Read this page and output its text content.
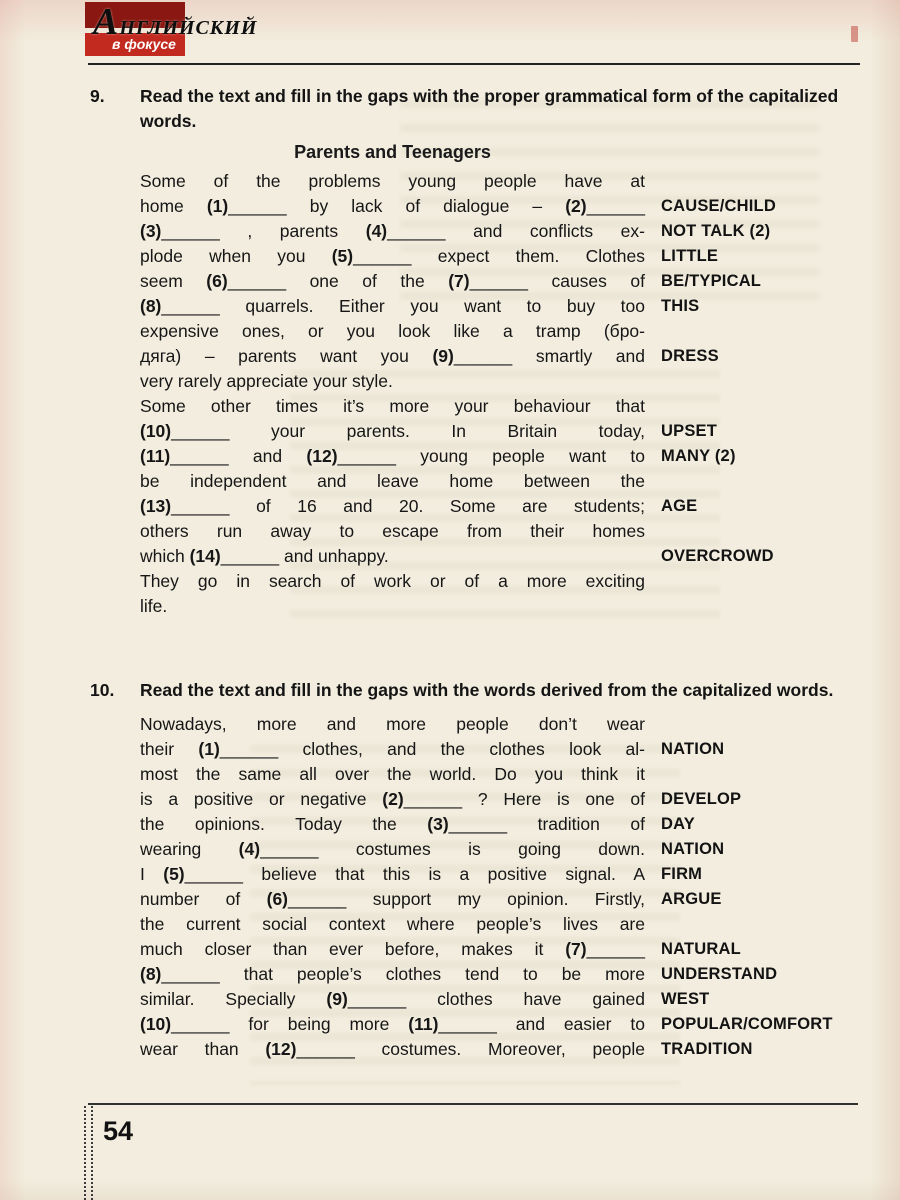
АНГЛИЙСКИЙ
в фокусе
9.	Read the text and fill in the gaps with the proper grammatical form of the capitalized words.
Parents and Teenagers
Some of the problems young people have at
home (1)______ by lack of dialogue – (2)______ CAUSE/CHILD
(3)______ , parents (4)______ and conflicts ex- NOT TALK (2)
plode when you (5)______ expect them. Clothes LITTLE
seem (6)______ one of the (7)______ causes of BE/TYPICAL
(8)______ quarrels. Either you want to buy too THIS
expensive ones, or you look like a tramp (бро-
дяга) – parents want you (9)______ smartly and DRESS
very rarely appreciate your style.
Some other times it’s more your behaviour that
(10)______ your parents. In Britain today, UPSET
(11)______ and (12)______ young people want to MANY (2)
be independent and leave home between the
(13)______ of 16 and 20. Some are students; AGE
others run away to escape from their homes
which (14)______ and unhappy.	OVERCROWD
They go in search of work or of a more exciting
life.
10.	Read the text and fill in the gaps with the words derived from the capitalized words.
Nowadays, more and more people don’t wear
their (1)______ clothes, and the clothes look al- NATION
most the same all over the world. Do you think it
is a positive or negative (2)______ ? Here is one of DEVELOP
the opinions. Today the (3)______ tradition of DAY
wearing (4)______ costumes is going down. NATION
I (5)______ believe that this is a positive signal. A FIRM
number of (6)______ support my opinion. Firstly, ARGUE
the current social context where people’s lives are
much closer than ever before, makes it (7)______ NATURAL
(8)______ that people’s clothes tend to be more UNDERSTAND
similar. Specially (9)______ clothes have gained WEST
(10)______ for being more (11)______ and easier to POPULAR/COMFORT
wear than (12)______ costumes. Moreover, people TRADITION
54
